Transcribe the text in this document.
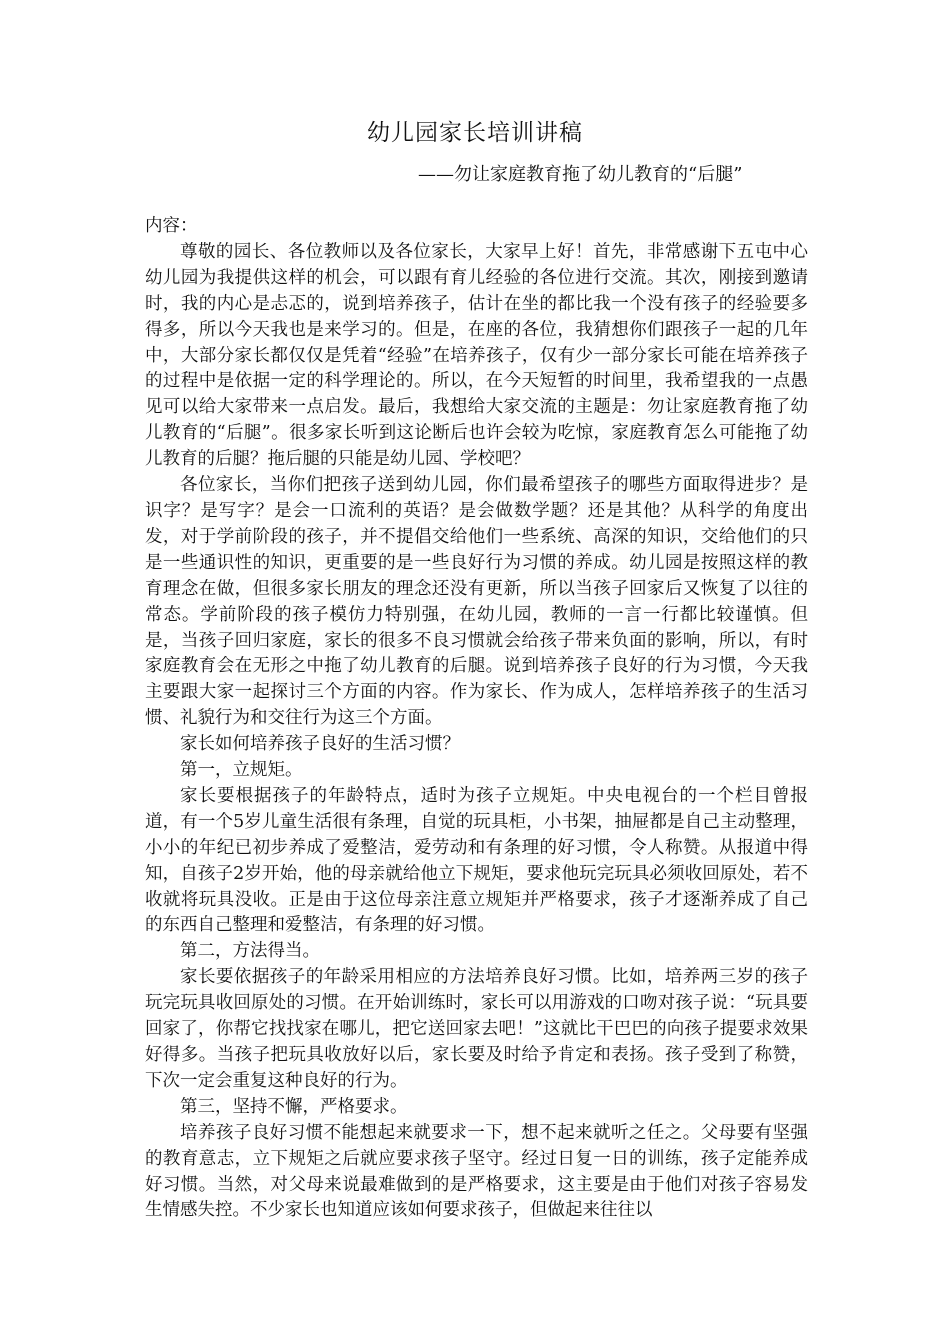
幼儿园家长培训讲稿
——勿让家庭教育拖了幼儿教育的“后腿”

内容：

尊敬的园长、各位教师以及各位家长，大家早上好！首先，非常感谢下五屯中心幼儿园为我提供这样的机会，可以跟有育儿经验的各位进行交流。其次，刚接到邀请时，我的内心是忐忑的，说到培养孩子，估计在坐的都比我一个没有孩子的经验要多得多，所以今天我也是来学习的。但是，在座的各位，我猜想你们跟孩子一起的几年中，大部分家长都仅仅是凭着“经验”在培养孩子，仅有少一部分家长可能在培养孩子的过程中是依据一定的科学理论的。所以，在今天短暂的时间里，我希望我的一点愚见可以给大家带来一点启发。最后，我想给大家交流的主题是：勿让家庭教育拖了幼儿教育的“后腿”。很多家长听到这论断后也许会较为吃惊，家庭教育怎么可能拖了幼儿教育的后腿？拖后腿的只能是幼儿园、学校吧？

各位家长，当你们把孩子送到幼儿园，你们最希望孩子的哪些方面取得进步？是识字？是写字？是会一口流利的英语？是会做数学题？还是其他？从科学的角度出发，对于学前阶段的孩子，并不提倡交给他们一些系统、高深的知识，交给他们的只是一些通识性的知识，更重要的是一些良好行为习惯的养成。幼儿园是按照这样的教育理念在做，但很多家长朋友的理念还没有更新，所以当孩子回家后又恢复了以往的常态。学前阶段的孩子模仿力特别强，在幼儿园，教师的一言一行都比较谨慎。但是，当孩子回归家庭，家长的很多不良习惯就会给孩子带来负面的影响，所以，有时家庭教育会在无形之中拖了幼儿教育的后腿。说到培养孩子良好的行为习惯，今天我主要跟大家一起探讨三个方面的内容。作为家长、作为成人，怎样培养孩子的生活习惯、礼貌行为和交往行为这三个方面。

家长如何培养孩子良好的生活习惯？

第一，立规矩。

家长要根据孩子的年龄特点，适时为孩子立规矩。中央电视台的一个栏目曾报道，有一个5岁儿童生活很有条理，自觉的玩具柜，小书架，抽屉都是自己主动整理，小小的年纪已初步养成了爱整洁，爱劳动和有条理的好习惯，令人称赞。从报道中得知，自孩子2岁开始，他的母亲就给他立下规矩，要求他玩完玩具必须收回原处，若不收就将玩具没收。正是由于这位母亲注意立规矩并严格要求，孩子才逐渐养成了自己的东西自己整理和爱整洁，有条理的好习惯。

第二，方法得当。

家长要依据孩子的年龄采用相应的方法培养良好习惯。比如，培养两三岁的孩子玩完玩具收回原处的习惯。在开始训练时，家长可以用游戏的口吻对孩子说：“玩具要回家了，你帮它找找家在哪儿，把它送回家去吧！”这就比干巴巴的向孩子提要求效果好得多。当孩子把玩具收放好以后，家长要及时给予肯定和表扬。孩子受到了称赞，下次一定会重复这种良好的行为。

第三，坚持不懈，严格要求。

培养孩子良好习惯不能想起来就要求一下，想不起来就听之任之。父母要有坚强的教育意志，立下规矩之后就应要求孩子坚守。经过日复一日的训练，孩子定能养成好习惯。当然，对父母来说最难做到的是严格要求，这主要是由于他们对孩子容易发生情感失控。不少家长也知道应该如何要求孩子，但做起来往往以
